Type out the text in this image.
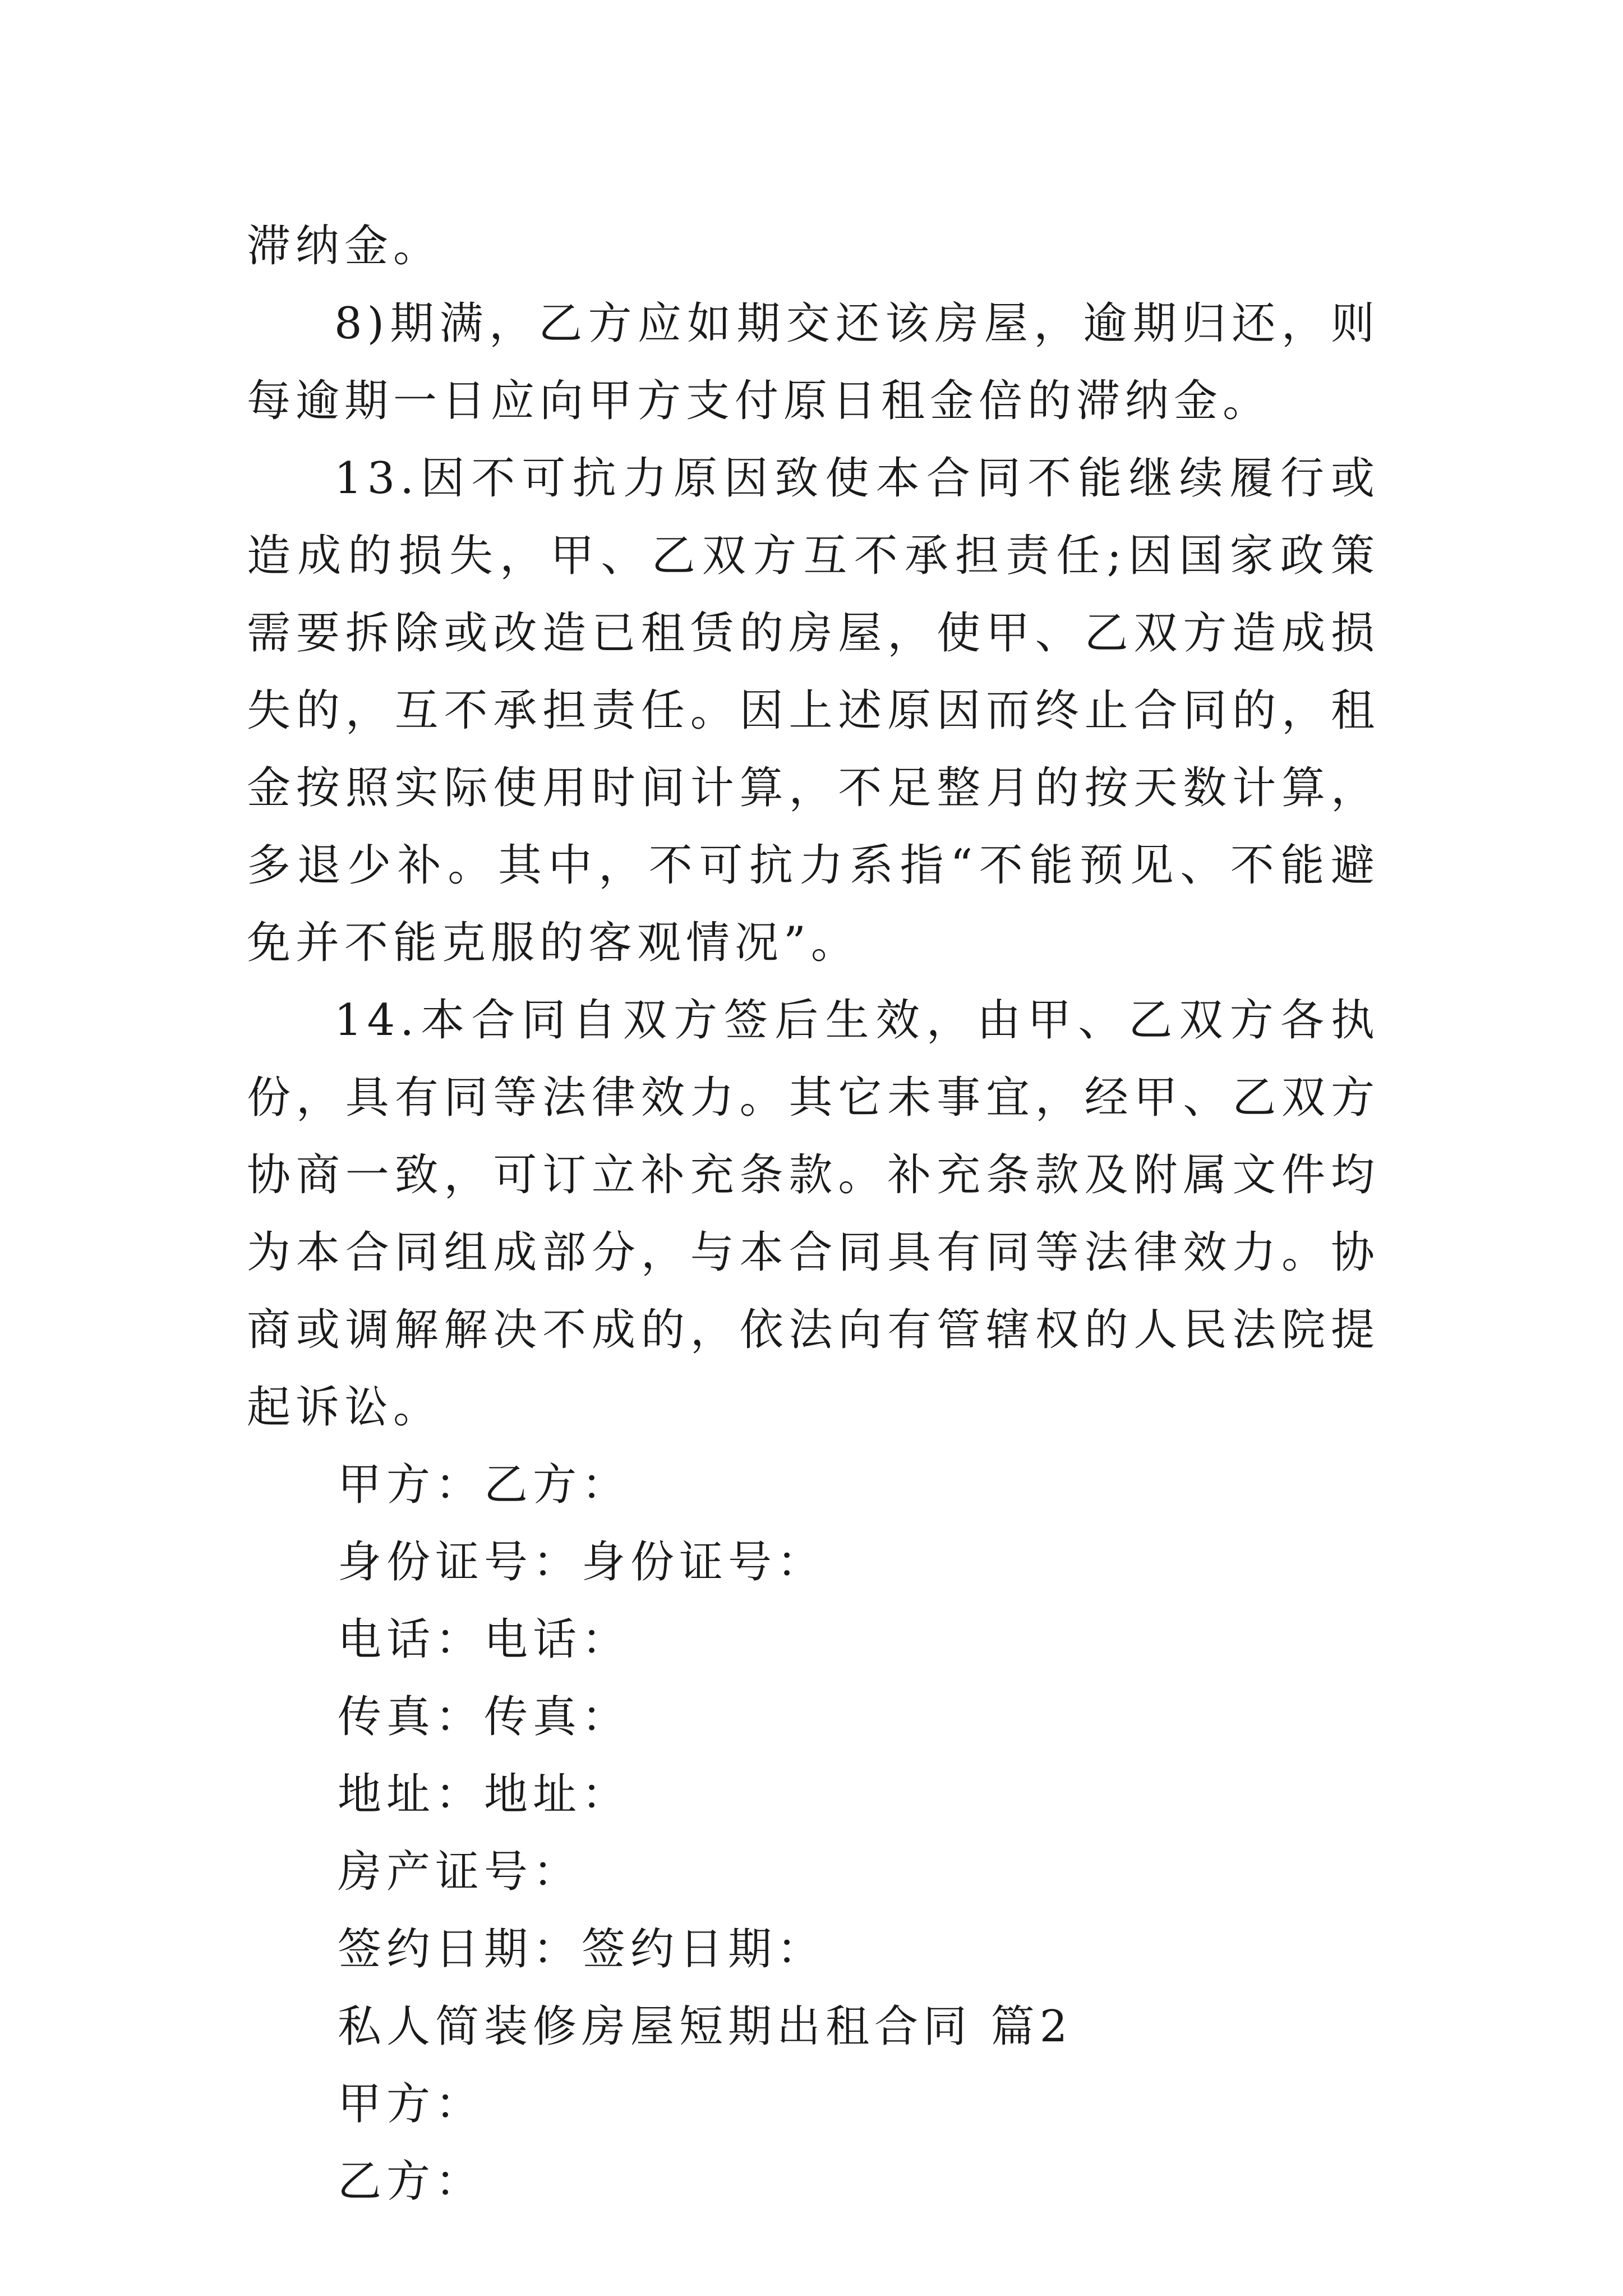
滞纳金。

8)期满，乙方应如期交还该房屋，逾期归还，则每逾期一日应向甲方支付原日租金倍的滞纳金。

13.因不可抗力原因致使本合同不能继续履行或造成的损失，甲、乙双方互不承担责任;因国家政策需要拆除或改造已租赁的房屋，使甲、乙双方造成损失的，互不承担责任。因上述原因而终止合同的，租金按照实际使用时间计算，不足整月的按天数计算，多退少补。其中，不可抗力系指“不能预见、不能避免并不能克服的客观情况”。

14.本合同自双方签后生效，由甲、乙双方各执份，具有同等法律效力。其它未事宜，经甲、乙双方协商一致，可订立补充条款。补充条款及附属文件均为本合同组成部分，与本合同具有同等法律效力。协商或调解解决不成的，依法向有管辖权的人民法院提起诉讼。

甲方：乙方：

身份证号：身份证号：

电话：电话：

传真：传真：

地址：地址：

房产证号：

签约日期：签约日期：

私人简装修房屋短期出租合同 篇2

甲方：

乙方：
